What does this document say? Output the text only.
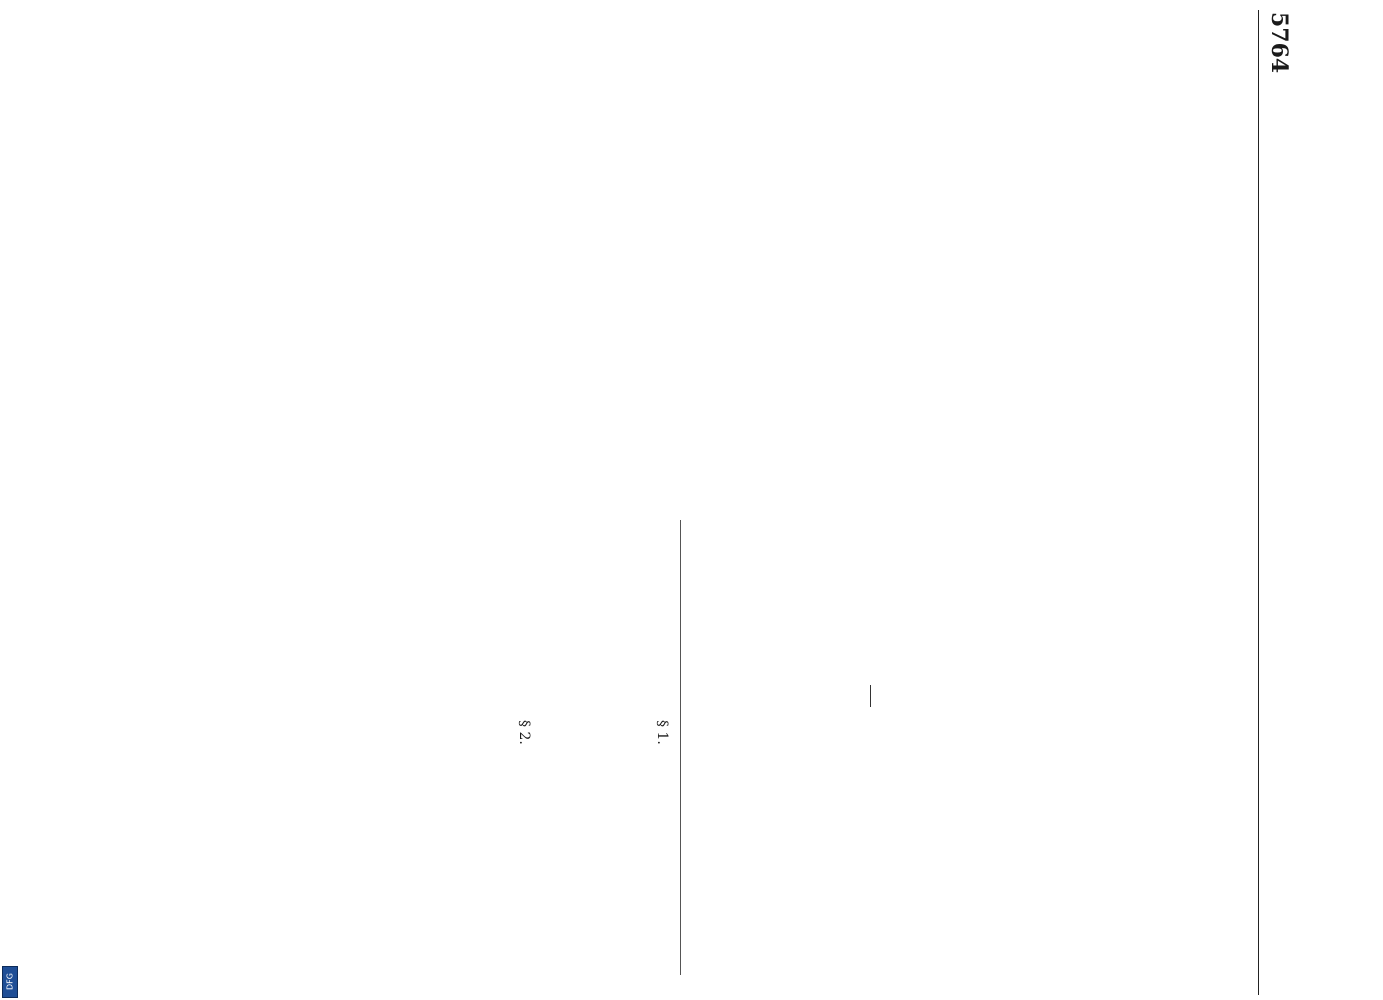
5764
§ 1.
§ 2.
DFG
